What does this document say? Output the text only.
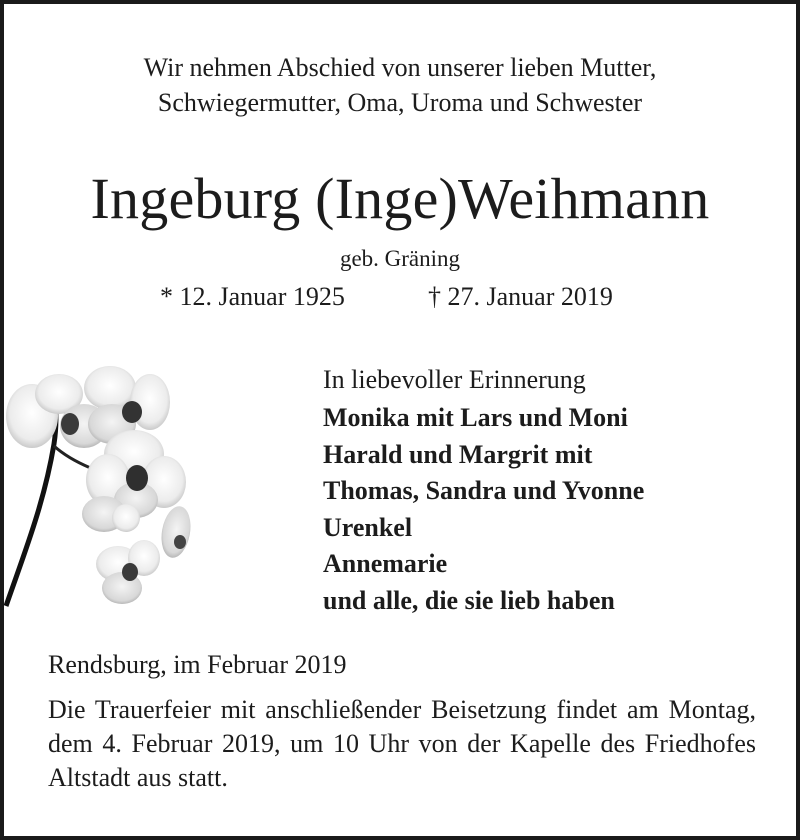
Wir nehmen Abschied von unserer lieben Mutter,
Schwiegermutter, Oma, Uroma und Schwester
Ingeburg (Inge)Weihmann
geb. Gräning
* 12. Januar 1925	† 27. Januar 2019
In liebevoller Erinnerung
Monika mit Lars und Moni
Harald und Margrit mit
Thomas, Sandra und Yvonne
Urenkel
Annemarie
und alle, die sie lieb haben
Rendsburg, im Februar 2019
Die Trauerfeier mit anschließender Beisetzung findet am Montag, dem 4. Februar 2019, um 10 Uhr von der Kapelle des Friedhofes Altstadt aus statt.
